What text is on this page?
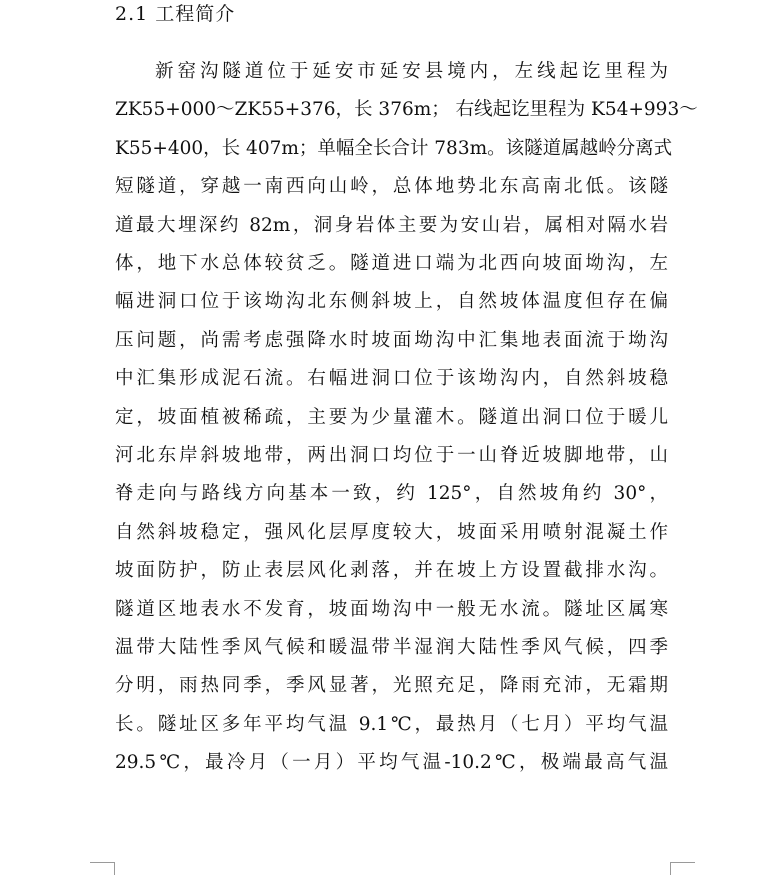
2.1 工程简介
新窑沟隧道位于延安市延安县境内，左线起讫里程为
ZK55+000～ZK55+376，长 376m； 右线起讫里程为 K54+993～
K55+400，长 407m；单幅全长合计 783m。该隧道属越岭分离式
短隧道，穿越一南西向山岭，总体地势北东高南北低。该隧
道最大埋深约 82m，洞身岩体主要为安山岩，属相对隔水岩
体，地下水总体较贫乏。隧道进口端为北西向坡面坳沟，左
幅进洞口位于该坳沟北东侧斜坡上，自然坡体温度但存在偏
压问题，尚需考虑强降水时坡面坳沟中汇集地表面流于坳沟
中汇集形成泥石流。右幅进洞口位于该坳沟内，自然斜坡稳
定，坡面植被稀疏，主要为少量灌木。隧道出洞口位于暖儿
河北东岸斜坡地带，两出洞口均位于一山脊近坡脚地带，山
脊走向与路线方向基本一致，约 125°，自然坡角约 30°，
自然斜坡稳定，强风化层厚度较大，坡面采用喷射混凝土作
坡面防护，防止表层风化剥落，并在坡上方设置截排水沟。
隧道区地表水不发育，坡面坳沟中一般无水流。隧址区属寒
温带大陆性季风气候和暖温带半湿润大陆性季风气候，四季
分明，雨热同季，季风显著，光照充足，降雨充沛，无霜期
长。隧址区多年平均气温 9.1℃，最热月（七月）平均气温
29.5℃，最冷月（一月）平均气温-10.2℃，极端最高气温
